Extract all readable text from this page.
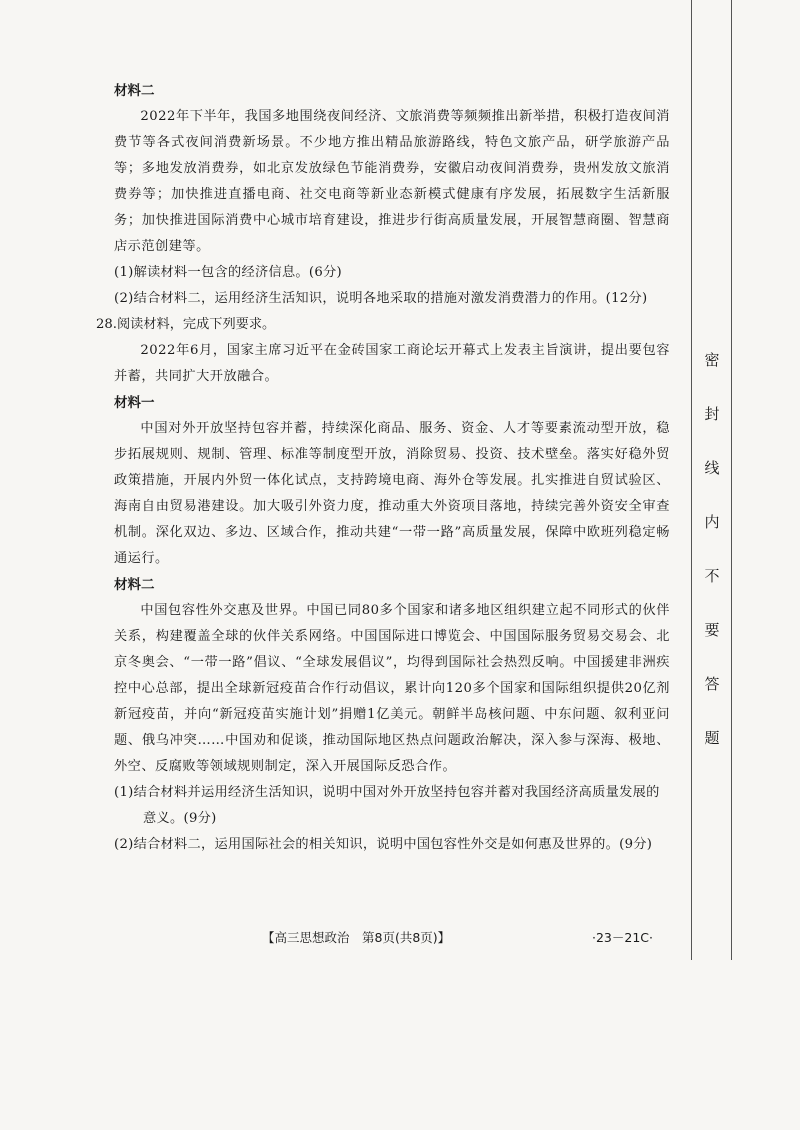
密
封
线
内
不
要
答
题
材料二
2022年下半年，我国多地围绕夜间经济、文旅消费等频频推出新举措，积极打造夜间消费节等各式夜间消费新场景。不少地方推出精品旅游路线，特色文旅产品，研学旅游产品等；多地发放消费券，如北京发放绿色节能消费券，安徽启动夜间消费券，贵州发放文旅消费券等；加快推进直播电商、社交电商等新业态新模式健康有序发展，拓展数字生活新服务；加快推进国际消费中心城市培育建设，推进步行街高质量发展，开展智慧商圈、智慧商店示范创建等。
(1)解读材料一包含的经济信息。(6分)
(2)结合材料二，运用经济生活知识，说明各地采取的措施对激发消费潜力的作用。(12分)
28.阅读材料，完成下列要求。
2022年6月，国家主席习近平在金砖国家工商论坛开幕式上发表主旨演讲，提出要包容并蓄，共同扩大开放融合。
材料一
中国对外开放坚持包容并蓄，持续深化商品、服务、资金、人才等要素流动型开放，稳步拓展规则、规制、管理、标准等制度型开放，消除贸易、投资、技术壁垒。落实好稳外贸政策措施，开展内外贸一体化试点，支持跨境电商、海外仓等发展。扎实推进自贸试验区、海南自由贸易港建设。加大吸引外资力度，推动重大外资项目落地，持续完善外资安全审查机制。深化双边、多边、区域合作，推动共建“一带一路”高质量发展，保障中欧班列稳定畅通运行。
材料二
中国包容性外交惠及世界。中国已同80多个国家和诸多地区组织建立起不同形式的伙伴关系，构建覆盖全球的伙伴关系网络。中国国际进口博览会、中国国际服务贸易交易会、北京冬奥会、“一带一路”倡议、“全球发展倡议”，均得到国际社会热烈反响。中国援建非洲疾控中心总部，提出全球新冠疫苗合作行动倡议，累计向120多个国家和国际组织提供20亿剂新冠疫苗，并向“新冠疫苗实施计划”捐赠1亿美元。朝鲜半岛核问题、中东问题、叙利亚问题、俄乌冲突……中国劝和促谈，推动国际地区热点问题政治解决，深入参与深海、极地、外空、反腐败等领域规则制定，深入开展国际反恐合作。
(1)结合材料并运用经济生活知识，说明中国对外开放坚持包容并蓄对我国经济高质量发展的意义。(9分)
(2)结合材料二，运用国际社会的相关知识，说明中国包容性外交是如何惠及世界的。(9分)
【高三思想政治　第8页(共8页)】	·23－21C·
